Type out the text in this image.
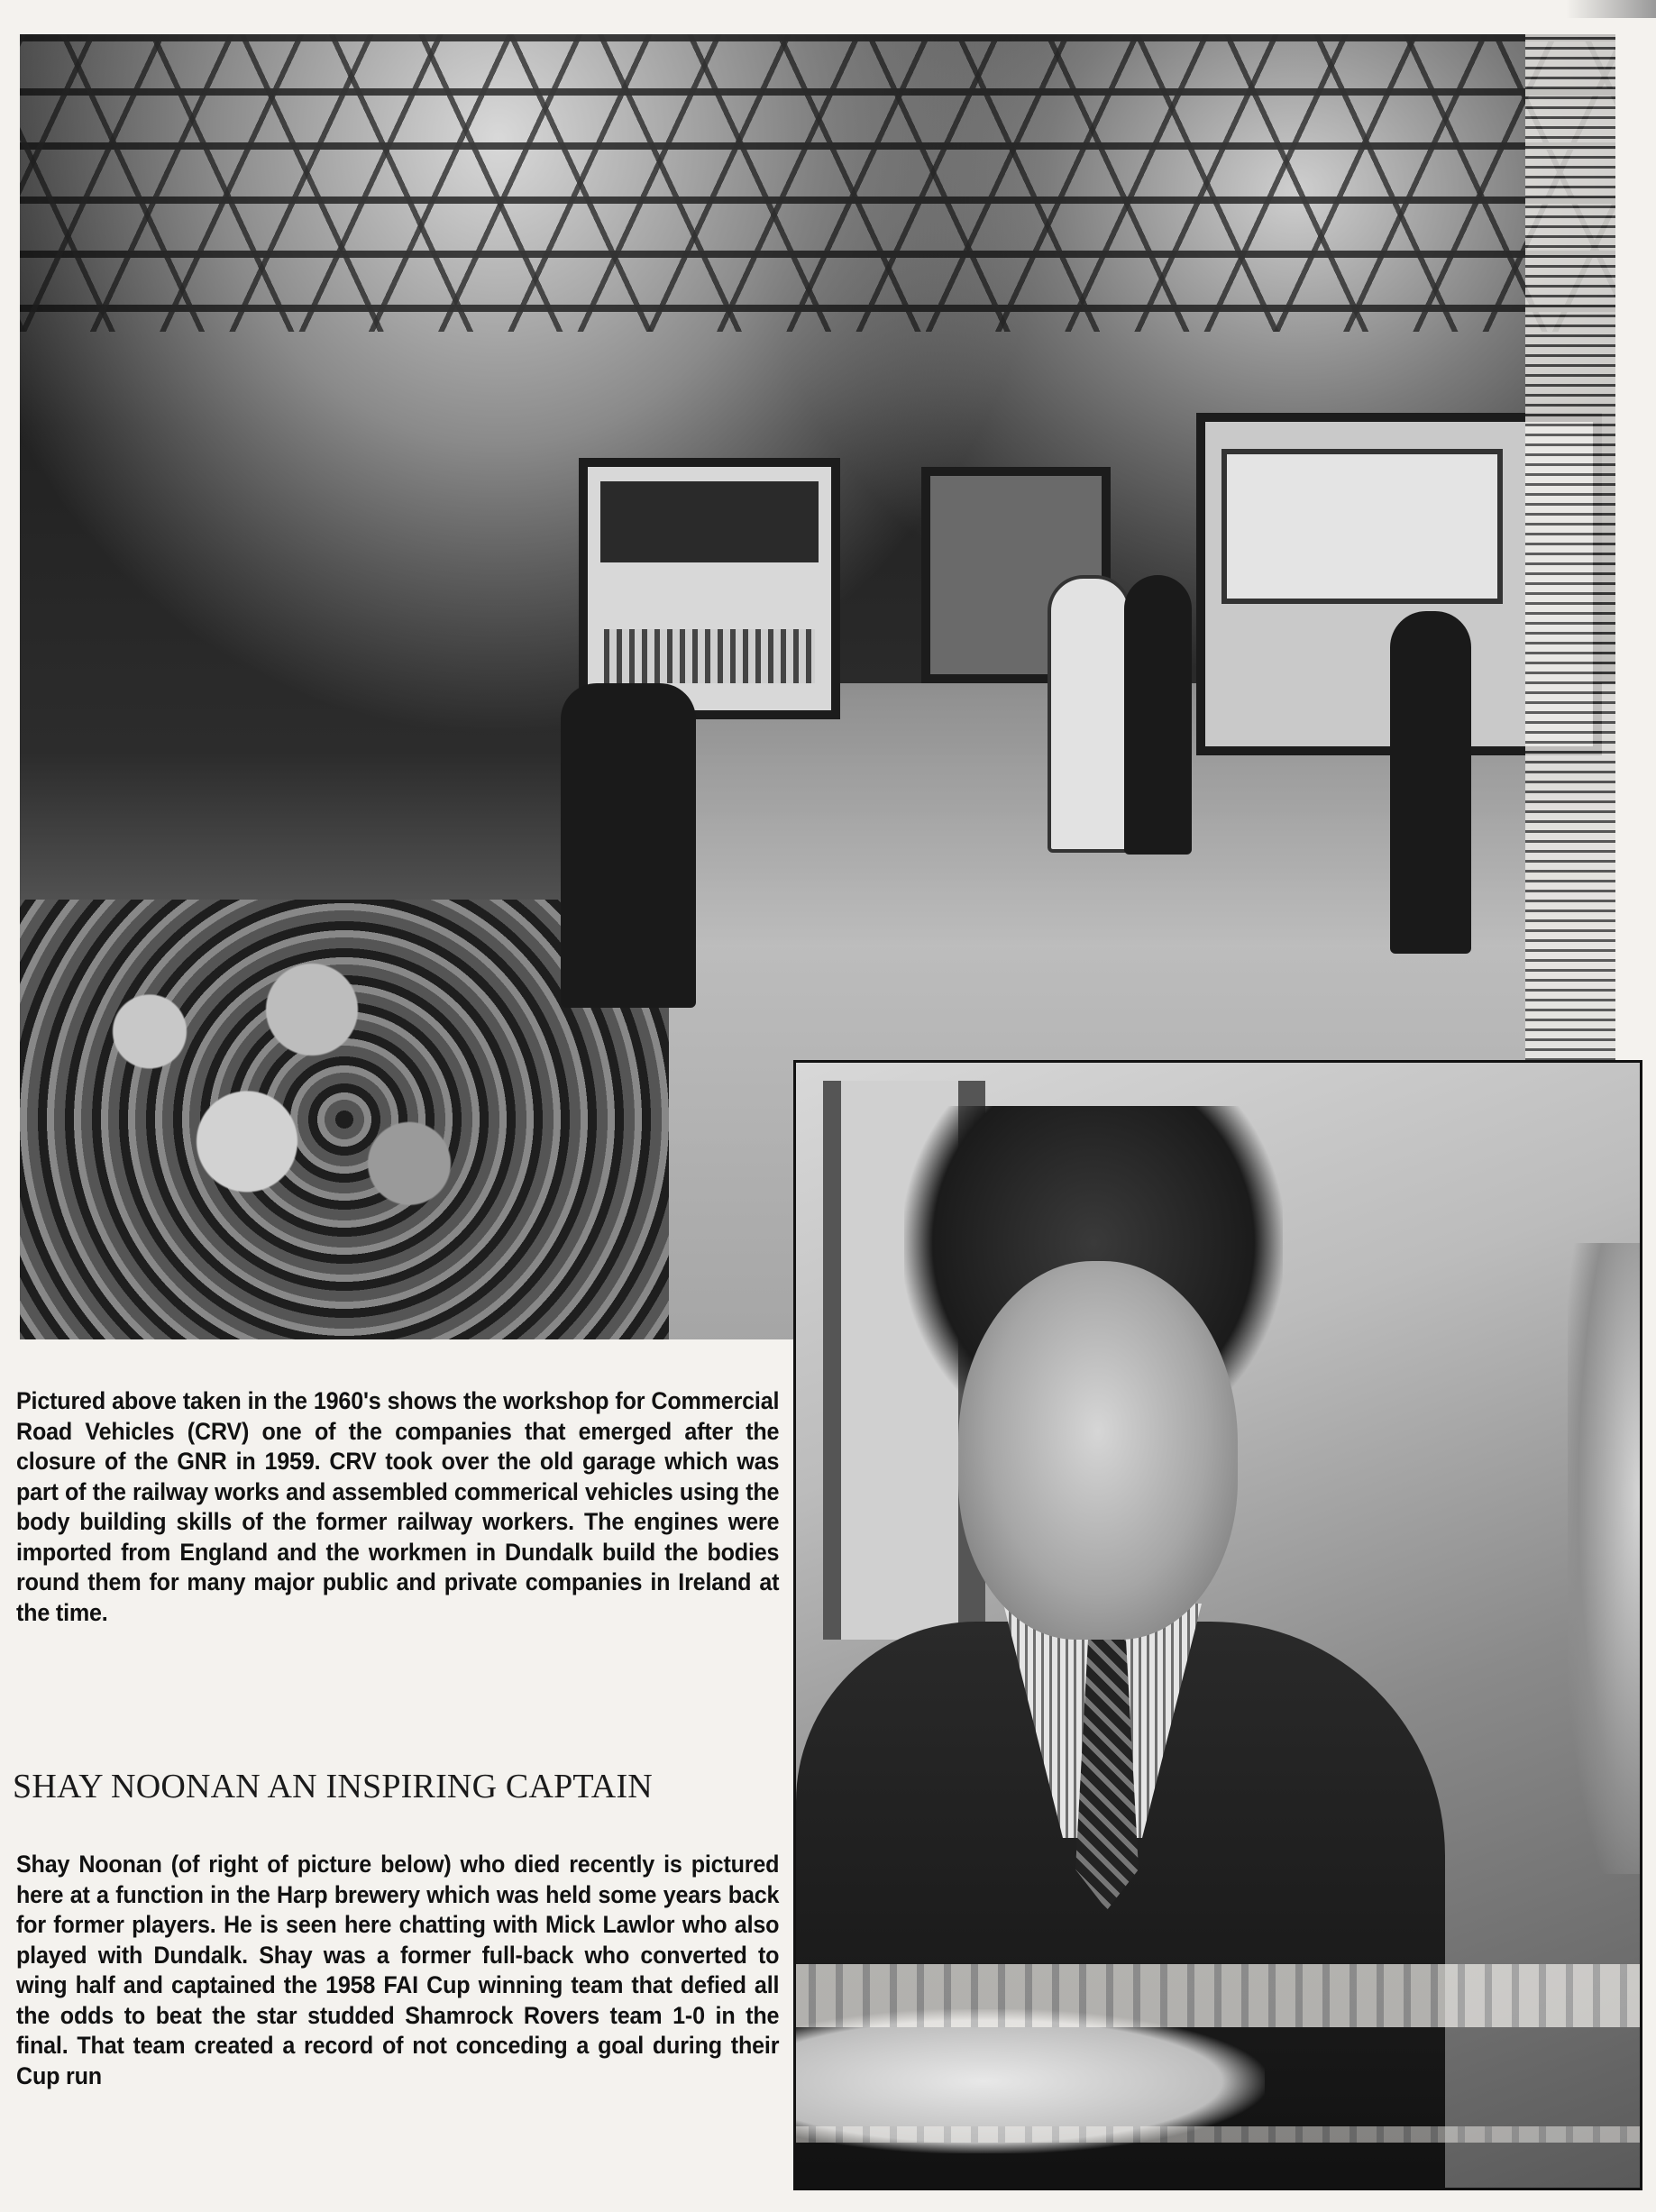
Pictured above taken in the 1960's shows the workshop for Commercial Road Vehicles (CRV) one of the companies that emerged after the closure of the GNR in 1959. CRV took over the old garage which was part of the railway works and assembled commerical vehicles using the body building skills of the former railway workers. The engines were imported from England and the workmen in Dundalk build the bodies round them for many major public and private companies in Ireland at the time.

SHAY NOONAN AN INSPIRING CAPTAIN

Shay Noonan (of right of picture below) who died recently is pictured here at a function in the Harp brewery which was held some years back for former players. He is seen here chatting with Mick Lawlor who also played with Dundalk. Shay was a former full-back who converted to wing half and captained the 1958 FAI Cup winning team that defied all the odds to beat the star studded Shamrock Rovers team 1-0 in the final. That team created a record of not conceding a goal during their Cup run
